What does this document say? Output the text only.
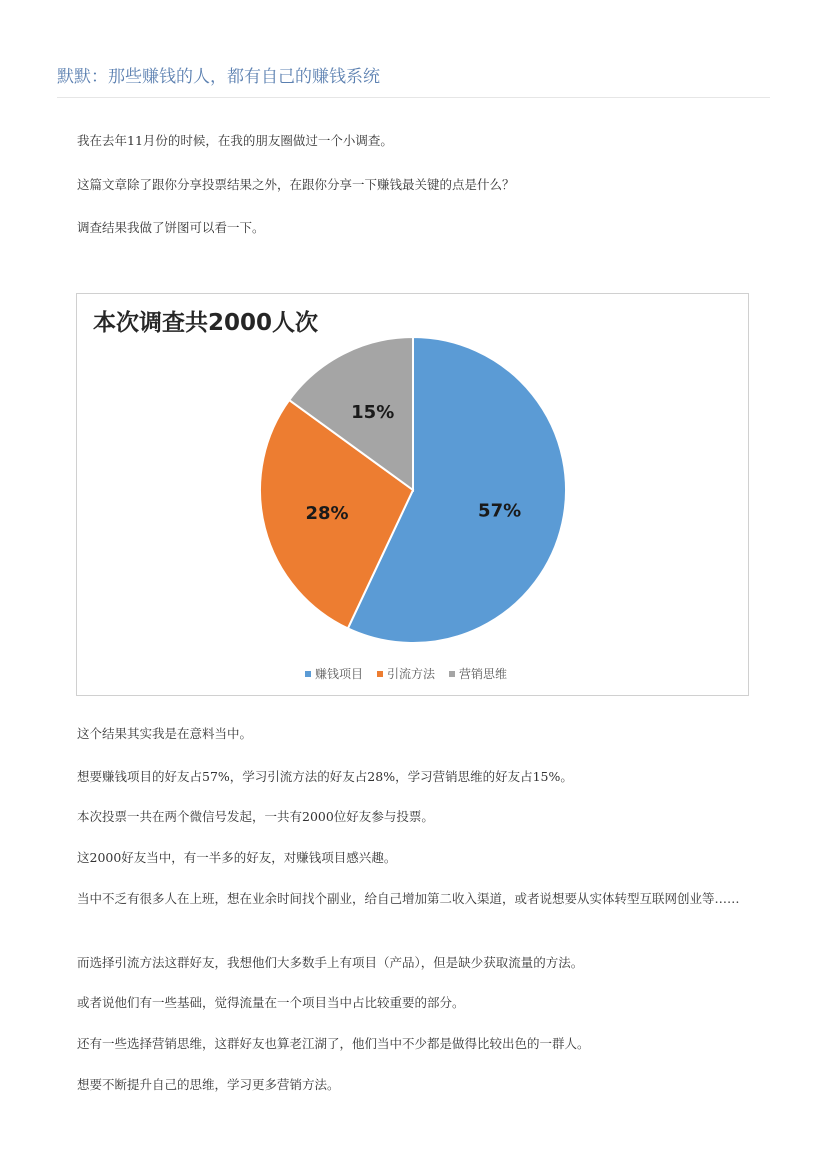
默默：那些赚钱的人，都有自己的赚钱系统

我在去年11月份的时候，在我的朋友圈做过一个小调查。

这篇文章除了跟你分享投票结果之外，在跟你分享一下赚钱最关键的点是什么？

调查结果我做了饼图可以看一下。

本次调查共2000人次
57%
28%
15%
赚钱项目 引流方法 营销思维

这个结果其实我是在意料当中。

想要赚钱项目的好友占57%，学习引流方法的好友占28%，学习营销思维的好友占15%。

本次投票一共在两个微信号发起，一共有2000位好友参与投票。

这2000好友当中，有一半多的好友，对赚钱项目感兴趣。

当中不乏有很多人在上班，想在业余时间找个副业，给自己增加第二收入渠道，或者说想要从实体转型互联网创业等……

而选择引流方法这群好友，我想他们大多数手上有项目（产品），但是缺少获取流量的方法。

或者说他们有一些基础，觉得流量在一个项目当中占比较重要的部分。

还有一些选择营销思维，这群好友也算老江湖了，他们当中不少都是做得比较出色的一群人。

想要不断提升自己的思维，学习更多营销方法。
